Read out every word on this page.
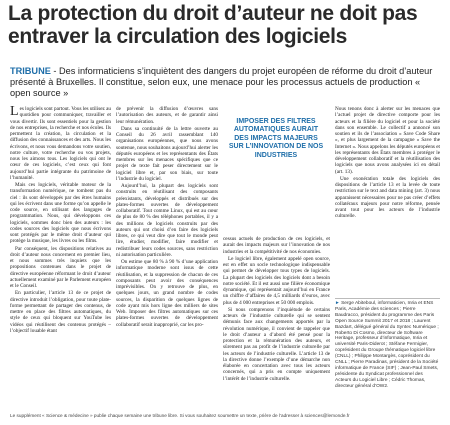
La protection du droit d’auteur ne doit pas entraver la circulation des logiciels
TRIBUNE - Des informaticiens s’inquiètent des dangers du projet européen de réforme du droit d’auteur présenté à Bruxelles. Il constitue, selon eux, une menace pour les processus actuels de production « open source »

Les logiciels sont partout. Vous les utilisez au quotidien pour communiquer, travailler et vous divertir. Ils sont essentiels pour la gestion de nos entreprises, la recherche et nos écoles. Ils permettent la création, la circulation et la diffusion des connaissances et des arts. Nous les écrivons, et nous vous demandons votre soutien, notre culture, votre recherche ou vos projets, nous les aimons tous. Les logiciels qui ont le cœur de ces logiciels, c’est ceux qui font aujourd’hui partie intégrante du patrimoine de l’humanité.

Mais ces logiciels, véritable moteur de la transformation numérique, ne tombent pas du ciel : ils sont développés par des êtres humains qui les écrivent dans une forme qu’on appelle le code source, en utilisant des langages de programmation. Nous, qui développons ces logiciels, sommes donc bien des auteurs : les codes sources des logiciels que nous écrivons sont protégés par le même droit d’auteur qui protège la musique, les livres ou les films.

Par conséquent, les dispositions relatives au droit d’auteur nous concernent en premier lieu, et nous sommes très inquiets que les propositions contenues dans le projet de directive européenne réformant le droit d’auteur actuellement examiné par le Parlement européen et le Conseil.

En particulier, l’article 13 de ce projet de directive introduit l’obligation, pour toute plate-forme permettant de partager des contenus, de mettre en place des filtres automatiques, du style de ceux qui bloquent sur YouTube les vidéos qui réutilisent des contenus protégés – l’objectif louable étant

de prévenir la diffusion d’œuvres sans l’autorisation des auteurs, et de garantir ainsi leur rémunération.

Dans sa continuité de la lettre ouverte au Conseil du 26 avril rassemblant 140 organisations européennes, que nous avons soutenue, nous souhaitons aujourd’hui alerter les députés européens et les représentants des États membres sur les menaces spécifiques que ce projet de texte fait peser directement sur le logiciel libre et, par son biais, sur toute l’industrie du logiciel.

Aujourd’hui, la plupart des logiciels sont construits en réutilisant des composants préexistants, développés et distribués sur des plates-formes ouvertes de développement collaboratif. Tout comme Linux, qui est au cœur de plus de 80 % des téléphones portables, il y a des millions de logiciels construits par des auteurs qui ont choisi d’en faire des logiciels libres, ce qui veut dire que tout le monde peut lire, étudier, modifier, faire modifier et redistribuer leurs codes sources, sans restriction ni autorisation particulière.

On estime que 80 % à 90 % d’une application informatique moderne sont issus de cette réutilisation, et la suppression de chacun de ces composants peut avoir des conséquences imprévisibles. On y retrouve de plus, en quelques jours, un grand nombre de codes sources, la disparition de quelques lignes de code ayant mis hors ligne des milliers de sites Web. Imposer des filtres automatiques sur ces plates-formes ouvertes de développement collaboratif serait inapproprié, car les pro-

IMPOSER DES FILTRES AUTOMATIQUES AURAIT DES IMPACTS MAJEURS SUR L’INNOVATION DE NOS INDUSTRIES

cessus actuels de production de ces logiciels, et aurait des impacts majeurs sur l’innovation de nos industries et la compétitivité de nos économies.

Le logiciel libre, également appelé open source, est en effet un socle technologique indispensable qui permet de développer tous types de logiciels. La plupart des logiciels des logiciels dont a besoin notre société. Et il est aussi une filière économique dynamique, qui représentait aujourd’hui en France un chiffre d’affaires de 4,5 milliards d’euros, avec plus de 4 000 entreprises et 50 000 emplois.

Si nous comprenons l’inquiétude de certains acteurs de l’industrie culturelle qui se sentent démunis face aux changements apportés par la révolution numérique, il convient de rappeler que le droit d’auteur a d’abord été pensé pour la protection et la rémunération des auteurs, et sûrement pas au profit de l’industrie culturelle par les acteurs de l’industrie culturelle. L’article 13 de la directive donne l’exemple d’une démarche non élaborée en concertation avec tous les acteurs concernés, qui a pris en compte uniquement l’intérêt de l’industrie culturelle.

Nous tenons donc à alerter sur les menaces que l’actuel projet de directive comporte pour les acteurs et la filière du logiciel et pour la société dans son ensemble. Le collectif a annoncé son soutien et ils de l’association « Save Code Share », et plus largement de la campagne « Save the Internet ». Nous appelons les députés européens et les représentants des États membres à protéger le développement collaboratif et la réutilisation des logiciels que nous avons analysées ici en détail (art. 13).

Une exonération totale des logiciels des dispositions de l’article 13 et la levée de toute restriction sur le text and data mining (art. 3) nous apparaissent nécessaires pour ne pas créer d’effets collatéraux majeurs pour notre réforme, pensée avant tout pour les acteurs de l’industrie culturelle.

► Serge Abiteboul, informaticien, Inria et ENS Paris, Académie des sciences ; Pierre Baudracco, président du programme des Paris Open Source Summit 2017 et 2018 ; Laurent Bazdart, délégué général du Syntec Numérique ; Roberto Di Cosmo, directeur de Software Heritage, professeur d’informatique, Inria et université Paris-Diderot ; Stéfane Fermigier, coprésident du Groupe thématique logiciel libre (CNLL) ; Philippe Montargès, coprésident du CNLL ; Pierre Paradinas, président de la Société informatique de France (SIF) ; Jean-Paul Smets, présidente du Syndicat professionnel des Acteurs du Logiciel Libre ; Cédric Thomas, directeur général d’OW2.
Le supplément « Science & médecine » publie chaque semaine une tribune libre. Si vous souhaitez soumettre un texte, prière de l’adresser à sciences@lemonde.fr
